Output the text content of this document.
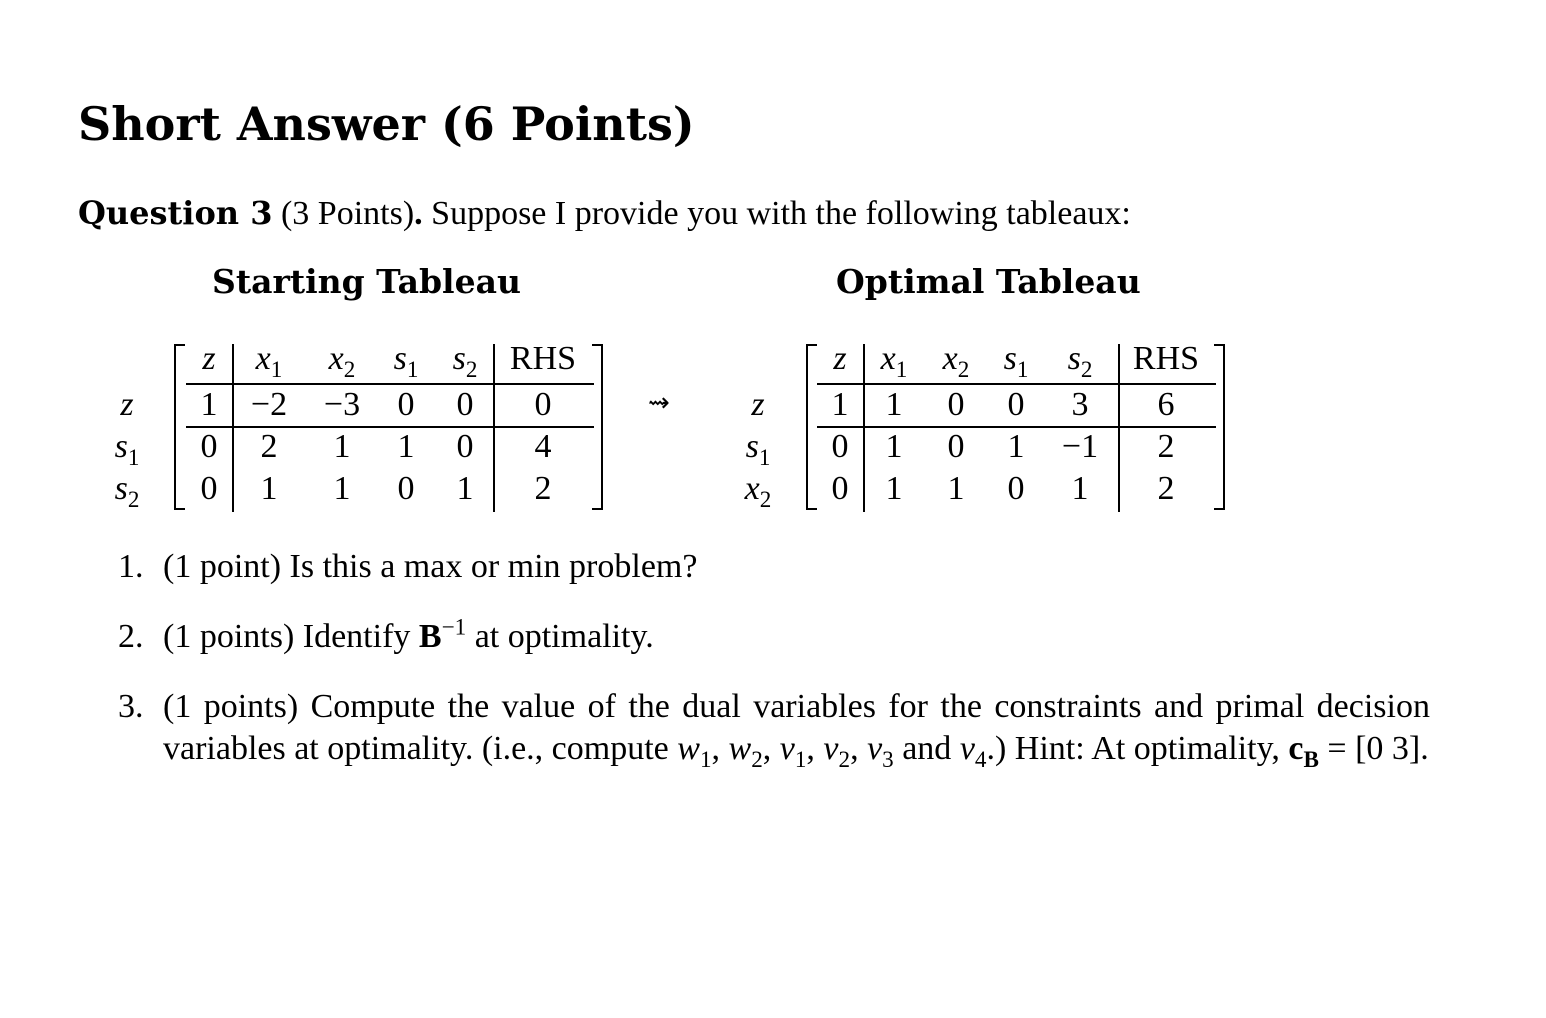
Short Answer (6 Points)

Question 3 (3 Points). Suppose I provide you with the following tableaux:

Starting Tableau	Optimal Tableau
z $x_1$ $x_2$ $s_1$ $s_2$ RHS
z
$s_1$
$s_2$
1 −2 −3 0 0 0
0 2 1 1 0 4
0 1 1 0 1 2
⇝
z $x_1$ $x_2$ $s_1$ $s_2$ RHS
z
$s_1$
$x_2$
1 1 0 0 3 6
0 1 0 1 −1 2
0 1 1 0 1 2
1. (1 point) Is this a max or min problem?
2. (1 points) Identify $B^{-1}$ at optimality.
3. (1 points) Compute the value of the dual variables for the constraints and primal decision variables at optimality. (i.e., compute $w_1$, $w_2$, $v_1$, $v_2$, $v_3$ and $v_4$.) Hint: At optimality, $c_B = [0$ 3].
